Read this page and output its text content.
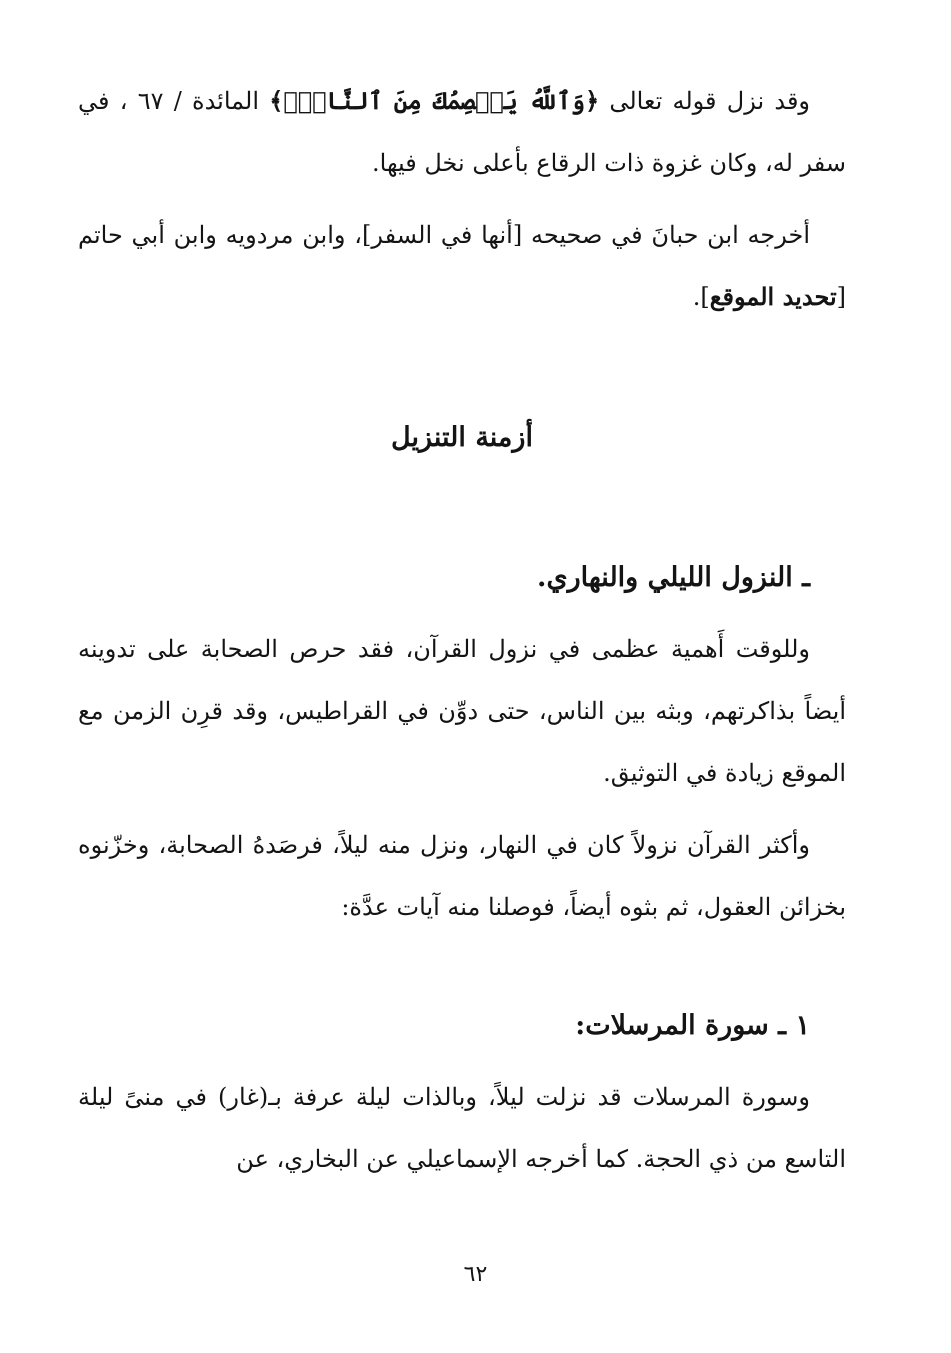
وقد نزل قوله تعالى ﴿وَٱللَّهُ يَعۡصِمُكَ مِنَ ٱلنَّاسِۗ﴾ المائدة / ٦٧ ، في سفر له، وكان غزوة ذات الرقاع بأعلى نخل فيها.

أخرجه ابن حبانَ في صحيحه [أنها في السفر]، وابن مردويه وابن أبي حاتم [تحديد الموقع].

أزمنة التنزيل
ـ النزول الليلي والنهاري.

وللوقت أَهمية عظمى في نزول القرآن، فقد حرص الصحابة على تدوينه أيضاً بذاكرتهم، وبثه بين الناس، حتى دوِّن في القراطيس، وقد قرِن الزمن مع الموقع زيادة في التوثيق.

وأكثر القرآن نزولاً كان في النهار، ونزل منه ليلاً، فرصَدهُ الصحابة، وخزّنوه بخزائن العقول، ثم بثوه أيضاً، فوصلنا منه آيات عدَّة:

١ ـ سورة المرسلات:

وسورة المرسلات قد نزلت ليلاً، وبالذات ليلة عرفة بـ(غار) في منىً ليلة التاسع من ذي الحجة. كما أخرجه الإسماعيلي عن البخاري، عن

٦٢
